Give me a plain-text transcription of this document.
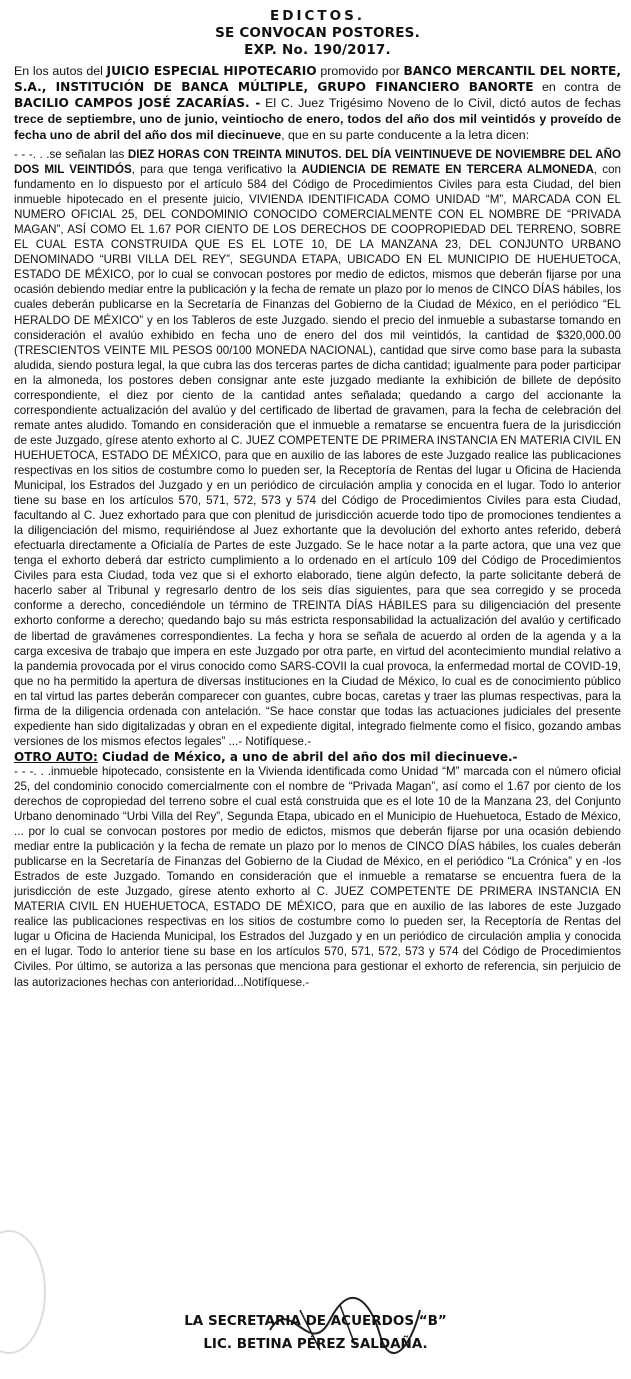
EDICTOS.
SE CONVOCAN POSTORES.
EXP. No. 190/2017.

En los autos del JUICIO ESPECIAL HIPOTECARIO promovido por BANCO MERCANTIL DEL NORTE, S.A., INSTITUCIÓN DE BANCA MÚLTIPLE, GRUPO FINANCIERO BANORTE en contra de BACILIO CAMPOS JOSÉ ZACARÍAS. - El C. Juez Trigésimo Noveno de lo Civil, dictó autos de fechas trece de septiembre, uno de junio, veintiocho de enero, todos del año dos mil veintidós y proveído de fecha uno de abril del año dos mil diecinueve, que en su parte conducente a la letra dicen:

- - -. . .se señalan las DIEZ HORAS CON TREINTA MINUTOS. DEL DÍA VEINTINUEVE DE NOVIEMBRE DEL AÑO DOS MIL VEINTIDÓS, para que tenga verificativo la AUDIENCIA DE REMATE EN TERCERA ALMONEDA, con fundamento en lo dispuesto por el artículo 584 del Código de Procedimientos Civiles para esta Ciudad, del bien inmueble hipotecado en el presente juicio, VIVIENDA IDENTIFICADA COMO UNIDAD “M”, MARCADA CON EL NUMERO OFICIAL 25, DEL CONDOMINIO CONOCIDO COMERCIALMENTE CON EL NOMBRE DE “PRIVADA MAGAN”, ASÍ COMO EL 1.67 POR CIENTO DE LOS DERECHOS DE COOPROPIEDAD DEL TERRENO, SOBRE EL CUAL ESTA CONSTRUIDA QUE ES EL LOTE 10, DE LA MANZANA 23, DEL CONJUNTO URBANO DENOMINADO “URBI VILLA DEL REY”, SEGUNDA ETAPA, UBICADO EN EL MUNICIPIO DE HUEHUETOCA, ESTADO DE MÉXICO, por lo cual se convocan postores por medio de edictos, mismos que deberán fijarse por una ocasión debiendo mediar entre la publicación y la fecha de remate un plazo por lo menos de CINCO DÍAS hábiles, los cuales deberán publicarse en la Secretaría de Finanzas del Gobierno de la Ciudad de México, en el periódico “EL HERALDO DE MÉXICO” y en los Tableros de este Juzgado. siendo el precio del inmueble a subastarse tomando en consideración el avalúo exhibido en fecha uno de enero del dos mil veintidós, la cantidad de $320,000.00 (TRESCIENTOS VEINTE MIL PESOS 00/100 MONEDA NACIONAL), cantidad que sirve como base para la subasta aludida, siendo postura legal, la que cubra las dos terceras partes de dicha cantidad; igualmente para poder participar en la almoneda, los postores deben consignar ante este juzgado mediante la exhibición de billete de depósito correspondiente, el diez por ciento de la cantidad antes señalada; quedando a cargo del accionante la correspondiente actualización del avalúo y del certificado de libertad de gravamen, para la fecha de celebración del remate antes aludido. Tomando en consideración que el inmueble a rematarse se encuentra fuera de la jurisdicción de este Juzgado, gírese atento exhorto al C. JUEZ COMPETENTE DE PRIMERA INSTANCIA EN MATERIA CIVIL EN HUEHUETOCA, ESTADO DE MÉXICO, para que en auxilio de las labores de este Juzgado realice las publicaciones respectivas en los sitios de costumbre como lo pueden ser, la Receptoría de Rentas del lugar u Oficina de Hacienda Municipal, los Estrados del Juzgado y en un periódico de circulación amplia y conocida en el lugar. Todo lo anterior tiene su base en los artículos 570, 571, 572, 573 y 574 del Código de Procedimientos Civiles para esta Ciudad, facultando al C. Juez exhortado para que con plenitud de jurisdicción acuerde todo tipo de promociones tendientes a la diligenciación del mismo, requiriéndose al Juez exhortante que la devolución del exhorto antes referido, deberá efectuarla directamente a Oficialía de Partes de este Juzgado. Se le hace notar a la parte actora, que una vez que tenga el exhorto deberá dar estricto cumplimiento a lo ordenado en el artículo 109 del Código de Procedimientos Civiles para esta Ciudad, toda vez que si el exhorto elaborado, tiene algún defecto, la parte solicitante deberá de hacerlo saber al Tribunal y regresarlo dentro de los seis días siguientes, para que sea corregido y se proceda conforme a derecho, concediéndole un término de TREINTA DÍAS HÁBILES para su diligenciación del presente exhorto conforme a derecho; quedando bajo su más estricta responsabilidad la actualización del avalúo y certificado de libertad de gravámenes correspondientes. La fecha y hora se señala de acuerdo al orden de la agenda y a la carga excesiva de trabajo que impera en este Juzgado por otra parte, en virtud del acontecimiento mundial relativo a la pandemia provocada por el virus conocido como SARS-COVII la cual provoca, la enfermedad mortal de COVID-19, que no ha permitido la apertura de diversas instituciones en la Ciudad de México, lo cual es de conocimiento público en tal virtud las partes deberán comparecer con guantes, cubre bocas, caretas y traer las plumas respectivas, para la firma de la diligencia ordenada con antelación. “Se hace constar que todas las actuaciones judiciales del presente expediente han sido digitalizadas y obran en el expediente digital, integrado fielmente como el físico, gozando ambas versiones de los mismos efectos legales” ...- Notifíquese.-

OTRO AUTO: Ciudad de México, a uno de abril del año dos mil diecinueve.-

- - -. . .inmueble hipotecado, consistente en la Vivienda identificada como Unidad “M” marcada con el número oficial 25, del condominio conocido comercialmente con el nombre de “Privada Magan”, así como el 1.67 por ciento de los derechos de copropiedad del terreno sobre el cual está construida que es el lote 10 de la Manzana 23, del Conjunto Urbano denominado “Urbi Villa del Rey”, Segunda Etapa, ubicado en el Municipio de Huehuetoca, Estado de México, ... por lo cual se convocan postores por medio de edictos, mismos que deberán fijarse por una ocasión debiendo mediar entre la publicación y la fecha de remate un plazo por lo menos de CINCO DÍAS hábiles, los cuales deberán publicarse en la Secretaría de Finanzas del Gobierno de la Ciudad de México, en el periódico “La Crónica” y en -los Estrados de este Juzgado. Tomando en consideración que el inmueble a rematarse se encuentra fuera de la jurisdicción de este Juzgado, gírese atento exhorto al C. JUEZ COMPETENTE DE PRIMERA INSTANCIA EN MATERIA CIVIL EN HUEHUETOCA, ESTADO DE MÉXICO, para que en auxilio de las labores de este Juzgado realice las publicaciones respectivas en los sitios de costumbre como lo pueden ser, la Receptoría de Rentas del lugar u Oficina de Hacienda Municipal, los Estrados del Juzgado y en un periódico de circulación amplia y conocida en el lugar. Todo lo anterior tiene su base en los artículos 570, 571, 572, 573 y 574 del Código de Procedimientos Civiles. Por último, se autoriza a las personas que menciona para gestionar el exhorto de referencia, sin perjuicio de las autorizaciones hechas con anterioridad...Notifíquese.-

LA SECRETARIA DE ACUERDOS “B”
LIC. BETINA PÉREZ SALDAÑA.
